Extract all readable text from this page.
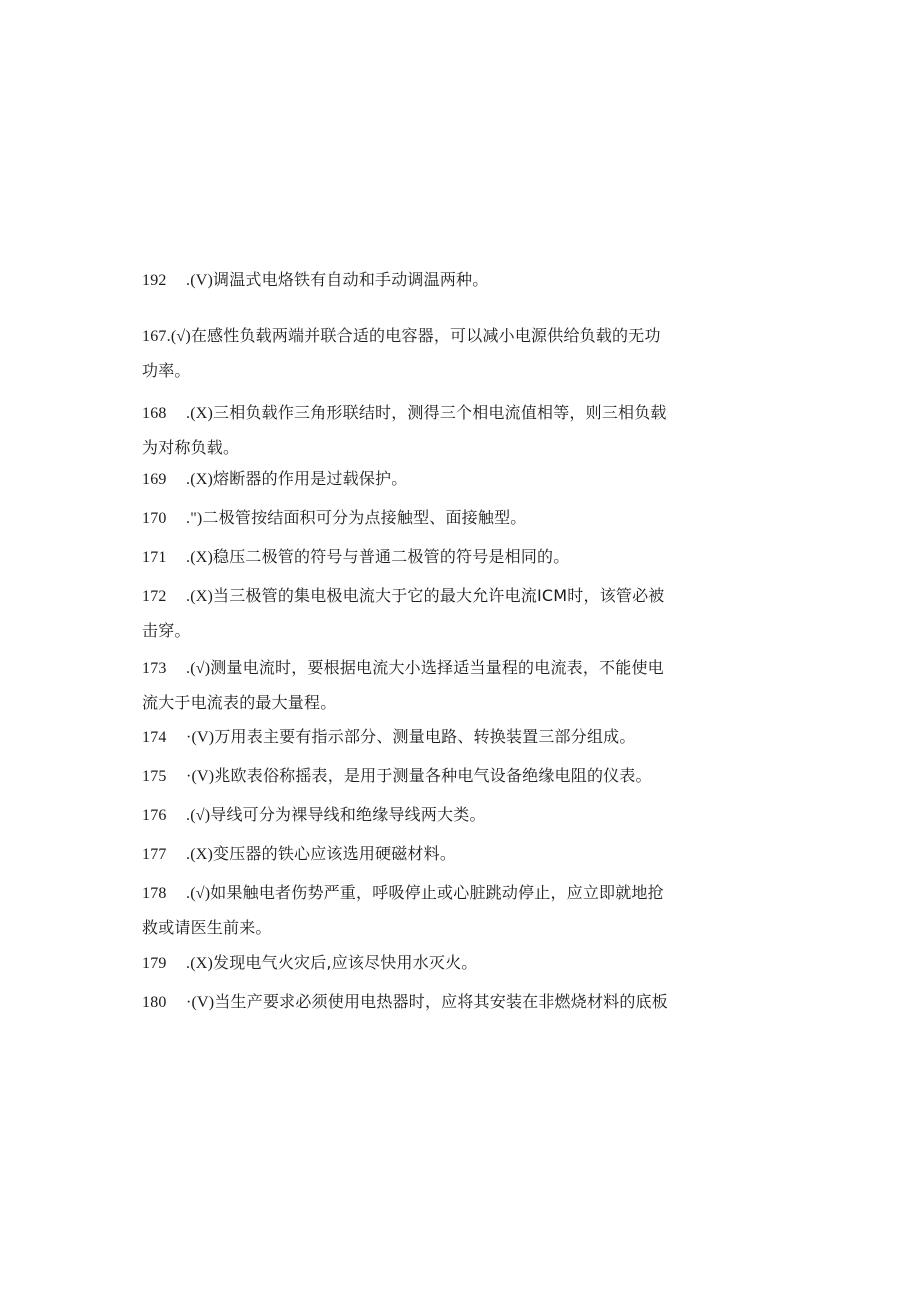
192 .(V)调温式电烙铁有自动和手动调温两种。
167.(√)在感性负载两端并联合适的电容器，可以减小电源供给负载的无功
功率。
168 .(X)三相负载作三角形联结时，测得三个相电流值相等，则三相负载
为对称负载。
169 .(X)熔断器的作用是过载保护。
170 .")二极管按结面积可分为点接触型、面接触型。
171 .(X)稳压二极管的符号与普通二极管的符号是相同的。
172 .(X)当三极管的集电极电流大于它的最大允许电流ICM时，该管必被
击穿。
173 .(√)测量电流时，要根据电流大小选择适当量程的电流表，不能使电
流大于电流表的最大量程。
174 ·(V)万用表主要有指示部分、测量电路、转换装置三部分组成。
175 ·(V)兆欧表俗称摇表，是用于测量各种电气设备绝缘电阻的仪表。
176 .(√)导线可分为裸导线和绝缘导线两大类。
177 .(X)变压器的铁心应该选用硬磁材料。
178 .(√)如果触电者伤势严重，呼吸停止或心脏跳动停止，应立即就地抢
救或请医生前来。
179 .(X)发现电气火灾后,应该尽快用水灭火。
180 ·(V)当生产要求必须使用电热器时，应将其安装在非燃烧材料的底板
